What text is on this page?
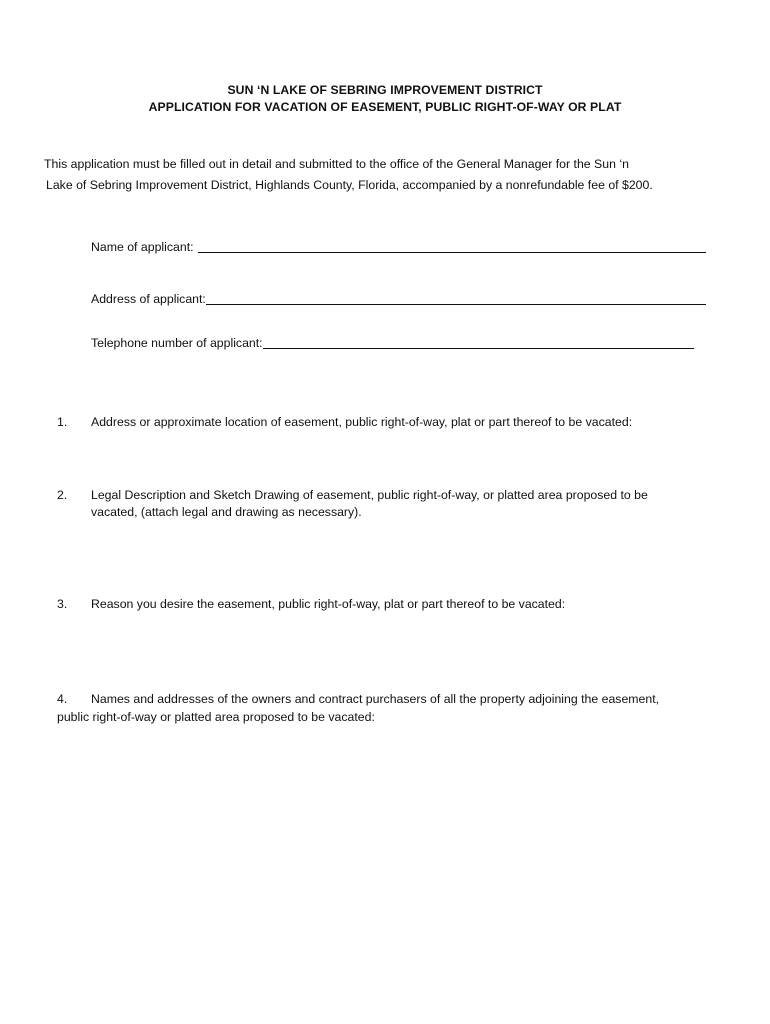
SUN ‘N LAKE OF SEBRING IMPROVEMENT DISTRICT
APPLICATION FOR VACATION OF EASEMENT, PUBLIC RIGHT-OF-WAY OR PLAT
This application must be filled out in detail and submitted to the office of the General Manager for the Sun ‘n
Lake of Sebring Improvement District, Highlands County, Florida, accompanied by a nonrefundable fee of $200.
Name of applicant:
Address of applicant:
Telephone number of applicant:
1. Address or approximate location of easement, public right-of-way, plat or part thereof to be vacated:
2. Legal Description and Sketch Drawing of easement, public right-of-way, or platted area proposed to be
vacated, (attach legal and drawing as necessary).
3. Reason you desire the easement, public right-of-way, plat or part thereof to be vacated:
4. Names and addresses of the owners and contract purchasers of all the property adjoining the easement,
public right-of-way or platted area proposed to be vacated:
